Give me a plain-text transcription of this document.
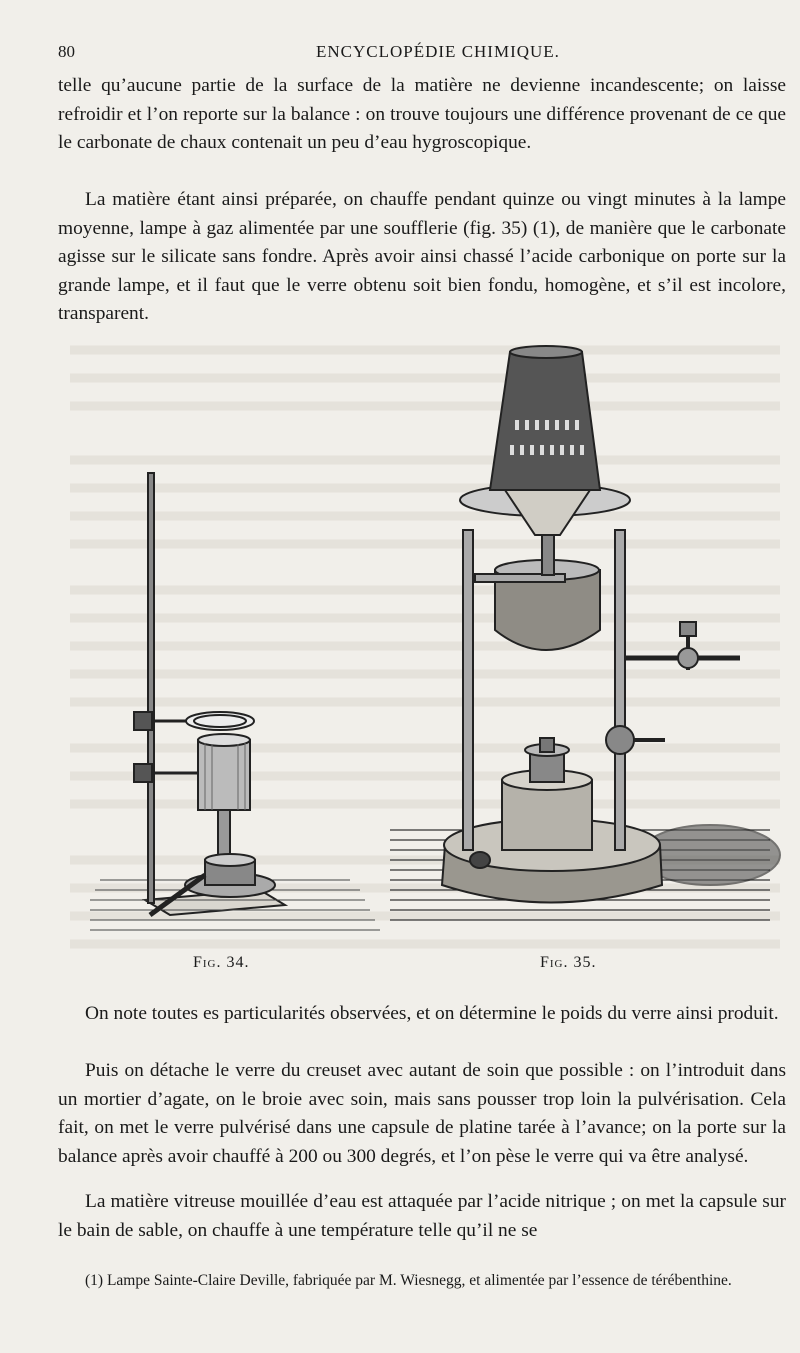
80	ENCYCLOPÉDIE CHIMIQUE.

telle qu’aucune partie de la surface de la matière ne devienne incandescente; on laisse refroidir et l’on reporte sur la balance : on trouve toujours une différence provenant de ce que le carbonate de chaux contenait un peu d’eau hygroscopique.

La matière étant ainsi préparée, on chauffe pendant quinze ou vingt minutes à la lampe moyenne, lampe à gaz alimentée par une soufflerie (fig. 35) (1), de manière que le carbonate agisse sur le silicate sans fondre. Après avoir ainsi chassé l’acide carbonique on porte sur la grande lampe, et il faut que le verre obtenu soit bien fondu, homogène, et s’il est incolore, transparent.

Fig. 34.	Fig. 35.

On note toutes es particularités observées, et on détermine le poids du verre ainsi produit.

Puis on détache le verre du creuset avec autant de soin que possible : on l’introduit dans un mortier d’agate, on le broie avec soin, mais sans pousser trop loin la pulvérisation. Cela fait, on met le verre pulvérisé dans une capsule de platine tarée à l’avance; on la porte sur la balance après avoir chauffé à 200 ou 300 degrés, et l’on pèse le verre qui va être analysé.

La matière vitreuse mouillée d’eau est attaquée par l’acide nitrique ; on met la capsule sur le bain de sable, on chauffe à une température telle qu’il ne se

(1) Lampe Sainte-Claire Deville, fabriquée par M. Wiesnegg, et alimentée par l’essence de térébenthine.
